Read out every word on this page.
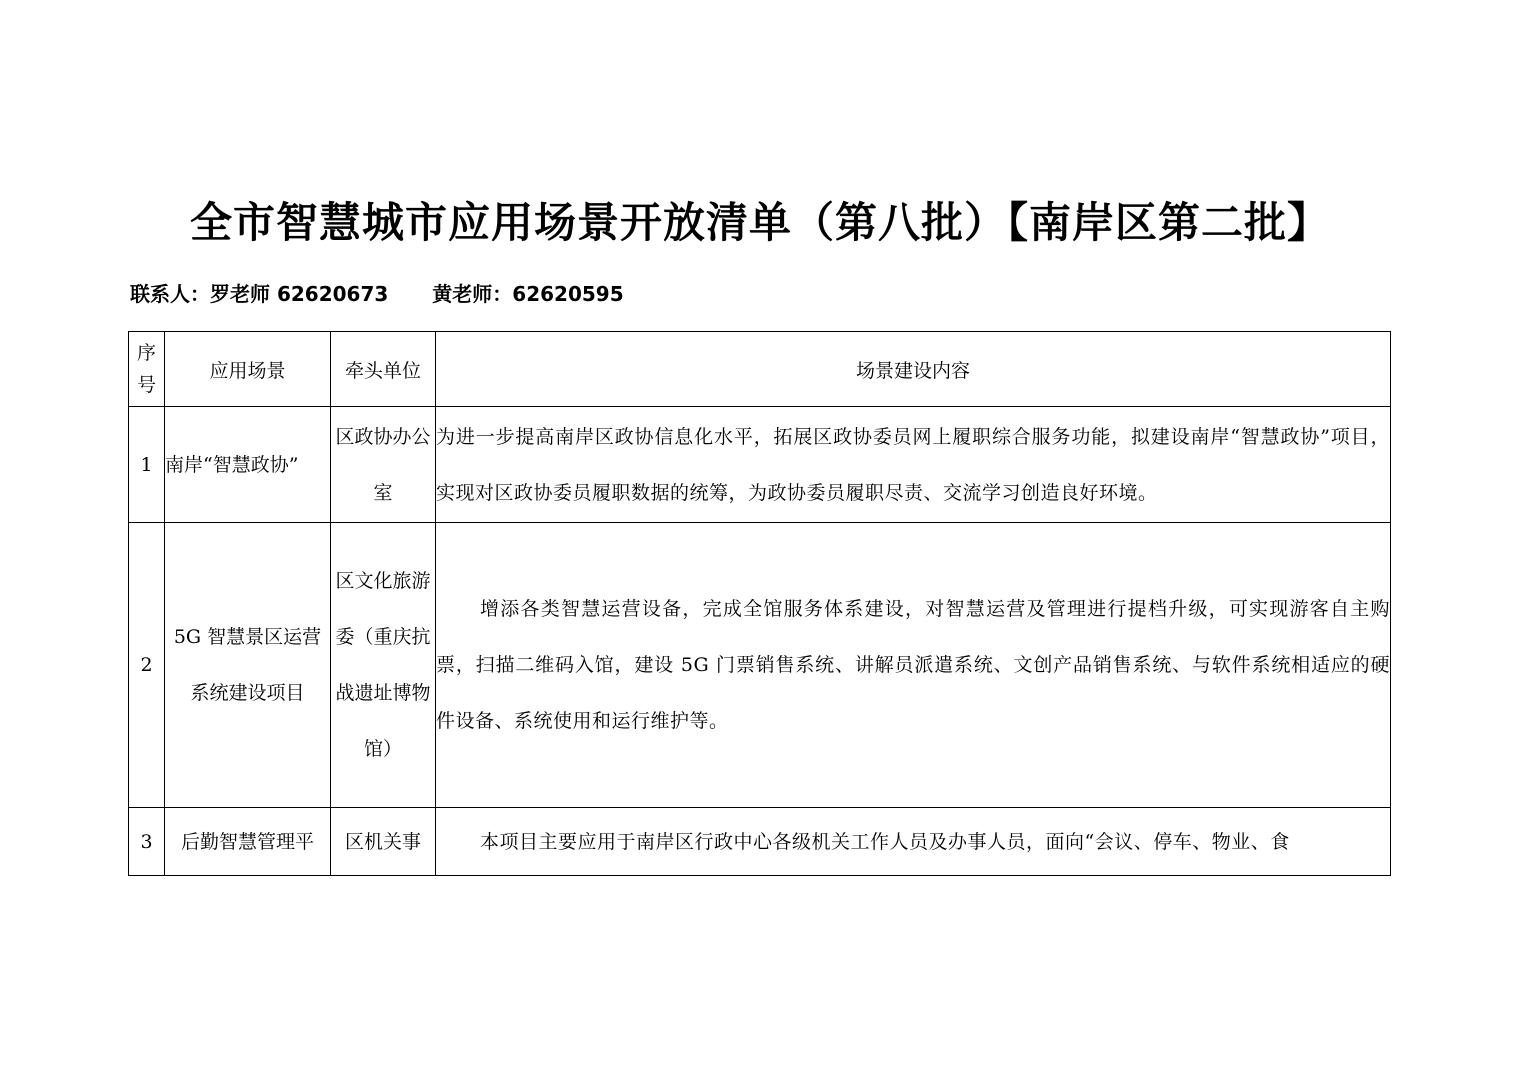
全市智慧城市应用场景开放清单（第八批）【南岸区第二批】
联系人：罗老师 62620673 黄老师：62620595
序号	应用场景	牵头单位	场景建设内容
1	南岸“智慧政协”	区政协办公室	为进一步提高南岸区政协信息化水平，拓展区政协委员网上履职综合服务功能，拟建设南岸“智慧政协”项目，实现对区政协委员履职数据的统筹，为政协委员履职尽责、交流学习创造良好环境。

2	5G 智慧景区运营系统建设项目	区文化旅游委（重庆抗战遗址博物馆）	增添各类智慧运营设备，完成全馆服务体系建设，对智慧运营及管理进行提档升级，可实现游客自主购票，扫描二维码入馆，建设 5G 门票销售系统、讲解员派遣系统、文创产品销售系统、与软件系统相适应的硬件设备、系统使用和运行维护等。

3	后勤智慧管理平	区机关事	本项目主要应用于南岸区行政中心各级机关工作人员及办事人员，面向“会议、停车、物业、食
